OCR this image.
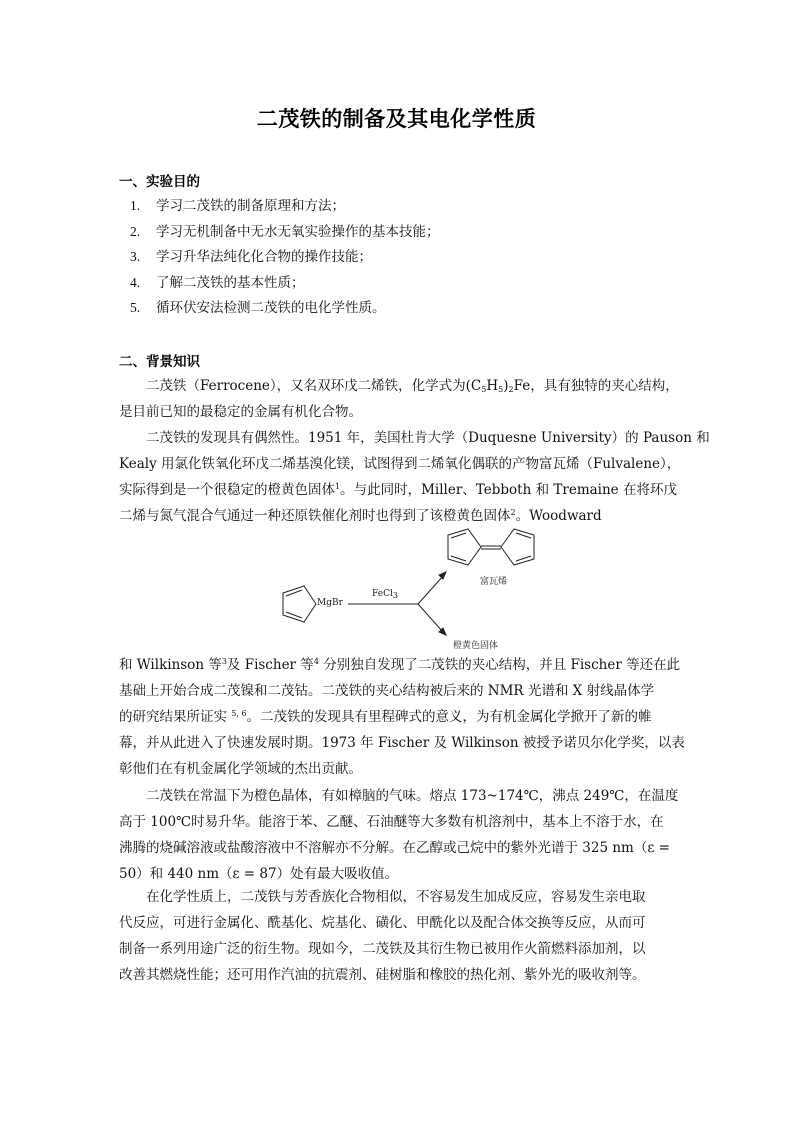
二茂铁的制备及其电化学性质
一、实验目的
1. 学习二茂铁的制备原理和方法；
2. 学习无机制备中无水无氧实验操作的基本技能；
3. 学习升华法纯化化合物的操作技能；
4. 了解二茂铁的基本性质；
5. 循环伏安法检测二茂铁的电化学性质。
二、背景知识
二茂铁（Ferrocene），又名双环戊二烯铁，化学式为$(C_5H_5)_2Fe$，具有独特的夹心结构，
是目前已知的最稳定的金属有机化合物。
二茂铁的发现具有偶然性。1951 年，美国杜肯大学（Duquesne University）的 Pauson 和
Kealy 用氯化铁氧化环戊二烯基溴化镁，试图得到二烯氧化偶联的产物富瓦烯（Fulvalene），
实际得到是一个很稳定的橙黄色固体$^1$。与此同时，Miller、Tebboth 和 Tremaine 在将环戊
二烯与氮气混合气通过一种还原铁催化剂时也得到了该橙黄色固体$^2$。Woodward
MgBr
FeCl$_3$
富瓦烯
橙黄色固体
和 Wilkinson 等$^3$及 Fischer 等$^4$ 分别独自发现了二茂铁的夹心结构，并且 Fischer 等还在此
基础上开始合成二茂镍和二茂钴。二茂铁的夹心结构被后来的 NMR 光谱和 X 射线晶体学
的研究结果所证实 $^{5, 6}$。二茂铁的发现具有里程碑式的意义，为有机金属化学掀开了新的帷
幕，并从此进入了快速发展时期。1973 年 Fischer 及 Wilkinson 被授予诺贝尔化学奖，以表
彰他们在有机金属化学领域的杰出贡献。
二茂铁在常温下为橙色晶体，有如樟脑的气味。熔点 173~174℃，沸点 249℃，在温度
高于 100℃时易升华。能溶于苯、乙醚、石油醚等大多数有机溶剂中，基本上不溶于水，在
沸腾的烧碱溶液或盐酸溶液中不溶解亦不分解。在乙醇或己烷中的紫外光谱于 325 nm（ε =
50）和 440 nm（ε = 87）处有最大吸收值。
在化学性质上，二茂铁与芳香族化合物相似，不容易发生加成反应，容易发生亲电取
代反应，可进行金属化、酰基化、烷基化、磺化、甲酰化以及配合体交换等反应，从而可
制备一系列用途广泛的衍生物。现如今，二茂铁及其衍生物已被用作火箭燃料添加剂，以
改善其燃烧性能；还可用作汽油的抗震剂、硅树脂和橡胶的热化剂、紫外光的吸收剂等。
